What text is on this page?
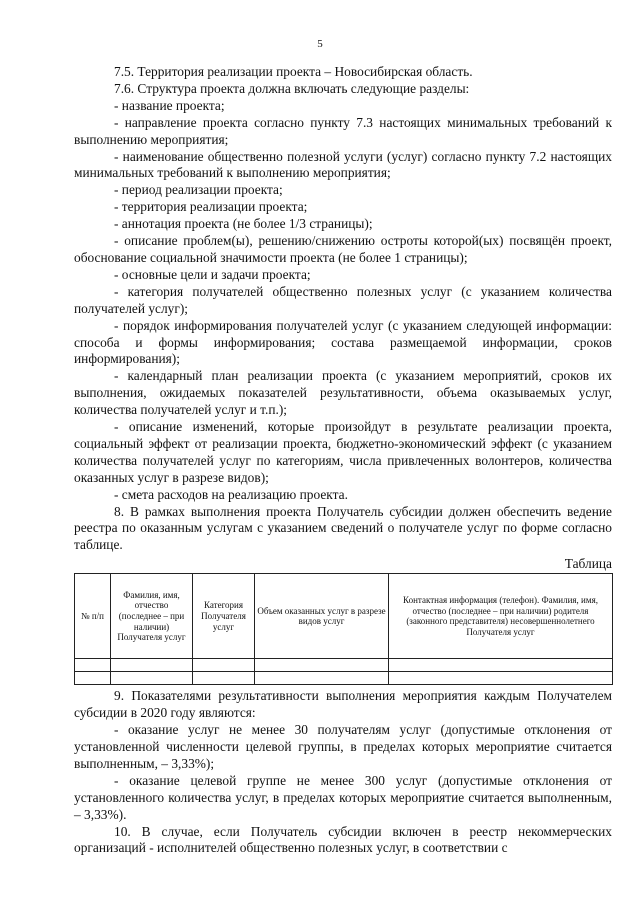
5

7.5. Территория реализации проекта – Новосибирская область.

7.6. Структура проекта должна включать следующие разделы:

- название проекта;

- направление проекта согласно пункту 7.3 настоящих минимальных требований к выполнению мероприятия;

- наименование общественно полезной услуги (услуг) согласно пункту 7.2 настоящих минимальных требований к выполнению мероприятия;

- период реализации проекта;

- территория реализации проекта;

- аннотация проекта (не более 1/3 страницы);

- описание проблем(ы), решению/снижению остроты которой(ых) посвящён проект, обоснование социальной значимости проекта (не более 1 страницы);

- основные цели и задачи проекта;

- категория получателей общественно полезных услуг (с указанием количества получателей услуг);

- порядок информирования получателей услуг (с указанием следующей информации: способа и формы информирования; состава размещаемой информации, сроков информирования);

- календарный план реализации проекта (с указанием мероприятий, сроков их выполнения, ожидаемых показателей результативности, объема оказываемых услуг, количества получателей услуг и т.п.);

- описание изменений, которые произойдут в результате реализации проекта, социальный эффект от реализации проекта, бюджетно-экономический эффект (с указанием количества получателей услуг по категориям, числа привлеченных волонтеров, количества оказанных услуг в разрезе видов);

- смета расходов на реализацию проекта.

8. В рамках выполнения проекта Получатель субсидии должен обеспечить ведение реестра по оказанным услугам с указанием сведений о получателе услуг по форме согласно таблице.

Таблица
№ п/п	Фамилия, имя, отчество (последнее – при наличии) Получателя услуг	Категория Получателя услуг	Объем оказанных услуг в разрезе видов услуг	Контактная информация (телефон). Фамилия, имя, отчество (последнее – при наличии) родителя (законного представителя) несовершеннолетнего Получателя услуг

9. Показателями результативности выполнения мероприятия каждым Получателем субсидии в 2020 году являются:

- оказание услуг не менее 30 получателям услуг (допустимые отклонения от установленной численности целевой группы, в пределах которых мероприятие считается выполненным, – 3,33%);

- оказание целевой группе не менее 300 услуг (допустимые отклонения от установленного количества услуг, в пределах которых мероприятие считается выполненным, – 3,33%).

10. В случае, если Получатель субсидии включен в реестр некоммерческих организаций - исполнителей общественно полезных услуг, в соответствии с
